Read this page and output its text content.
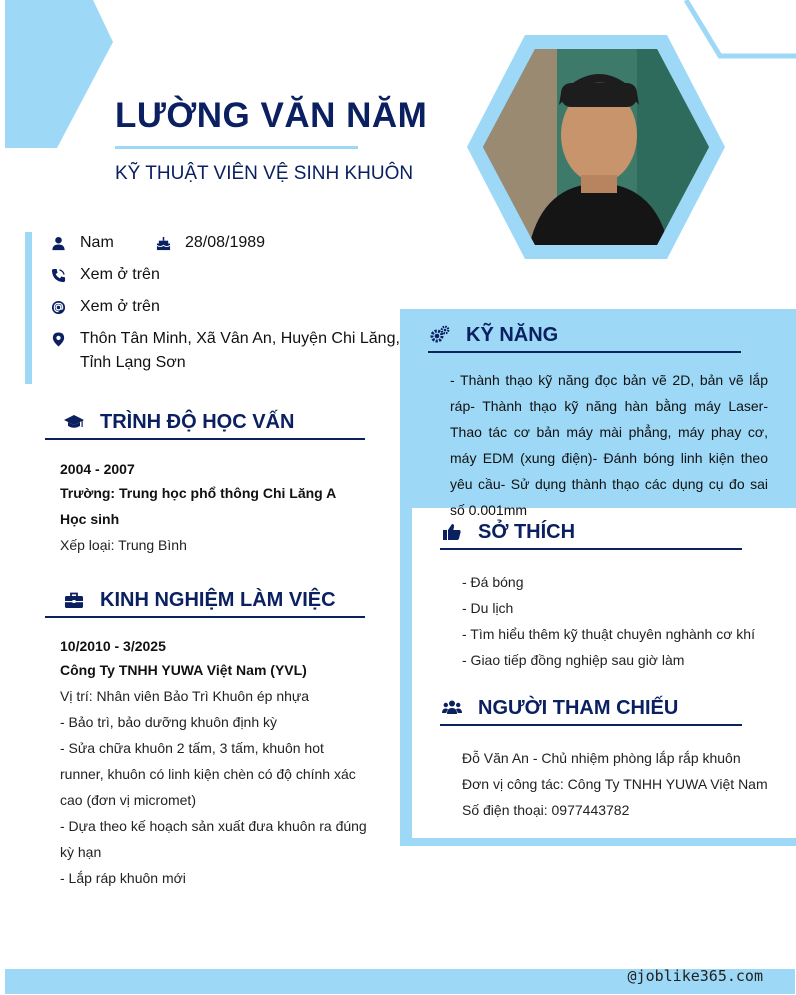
LƯỜNG VĂN NĂM
KỸ THUẬT VIÊN VỆ SINH KHUÔN
Nam	28/08/1989
Xem ở trên
Xem ở trên
Thôn Tân Minh, Xã Vân An, Huyện Chi Lăng,
Tỉnh Lạng Sơn
TRÌNH ĐỘ HỌC VẤN
2004 - 2007
Trường: Trung học phổ thông Chi Lăng A
Học sinh
Xếp loại: Trung Bình
KINH NGHIỆM LÀM VIỆC
10/2010 - 3/2025
Công Ty TNHH YUWA Việt Nam (YVL)
Vị trí: Nhân viên Bảo Trì Khuôn ép nhựa
- Bảo trì, bảo dưỡng khuôn định kỳ
- Sửa chữa khuôn 2 tấm, 3 tấm, khuôn hot runner, khuôn có linh kiện chèn có độ chính xác cao (đơn vị micromet)
- Dựa theo kế hoạch sản xuất đưa khuôn ra đúng kỳ hạn
- Lắp ráp khuôn mới
KỸ NĂNG
- Thành thạo kỹ năng đọc bản vẽ 2D, bản vẽ lắp ráp- Thành thạo kỹ năng hàn bằng máy Laser- Thao tác cơ bản máy mài phẳng, máy phay cơ, máy EDM (xung điện)- Đánh bóng linh kiện theo yêu cầu- Sử dụng thành thạo các dụng cụ đo sai số 0.001mm
SỞ THÍCH
- Đá bóng
- Du lịch
- Tìm hiểu thêm kỹ thuật chuyên nghành cơ khí
- Giao tiếp đồng nghiệp sau giờ làm
NGƯỜI THAM CHIẾU
Đỗ Văn An - Chủ nhiệm phòng lắp rắp khuôn
Đơn vị công tác: Công Ty TNHH YUWA Việt Nam
Số điện thoại: 0977443782
@joblike365.com
